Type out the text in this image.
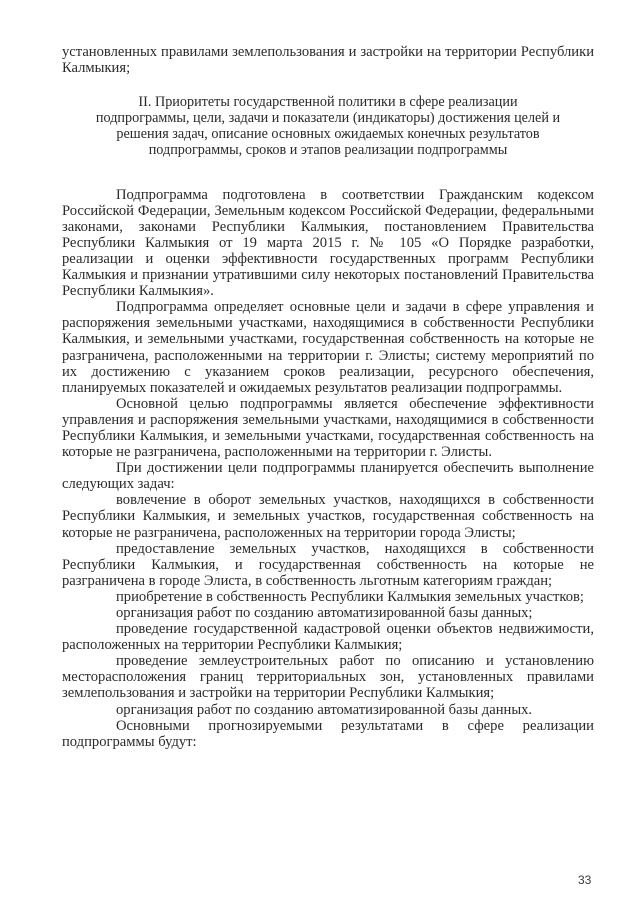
установленных правилами землепользования и застройки на территории Республики Калмыкия;

II. Приоритеты государственной политики в сфере реализации
подпрограммы, цели, задачи и показатели (индикаторы) достижения целей и
решения задач, описание основных ожидаемых конечных результатов
подпрограммы, сроков и этапов реализации подпрограммы

Подпрограмма подготовлена в соответствии Гражданским кодексом Российской Федерации, Земельным кодексом Российской Федерации, федеральными законами, законами Республики Калмыкия, постановлением Правительства Республики Калмыкия от 19 марта 2015 г. № 105 «О Порядке разработки, реализации и оценки эффективности государственных программ Республики Калмыкия и признании утратившими силу некоторых постановлений Правительства Республики Калмыкия».

Подпрограмма определяет основные цели и задачи в сфере управления и распоряжения земельными участками, находящимися в собственности Республики Калмыкия, и земельными участками, государственная собственность на которые не разграничена, расположенными на территории г. Элисты; систему мероприятий по их достижению с указанием сроков реализации, ресурсного обеспечения, планируемых показателей и ожидаемых результатов реализации подпрограммы.

Основной целью подпрограммы является обеспечение эффективности управления и распоряжения земельными участками, находящимися в собственности Республики Калмыкия, и земельными участками, государственная собственность на которые не разграничена, расположенными на территории г. Элисты.

При достижении цели подпрограммы планируется обеспечить выполнение следующих задач:

вовлечение в оборот земельных участков, находящихся в собственности Республики Калмыкия, и земельных участков, государственная собственность на которые не разграничена, расположенных на территории города Элисты;

предоставление земельных участков, находящихся в собственности Республики Калмыкия, и государственная собственность на которые не разграничена в городе Элиста, в собственность льготным категориям граждан;

приобретение в собственность Республики Калмыкия земельных участков;

организация работ по созданию автоматизированной базы данных;

проведение государственной кадастровой оценки объектов недвижимости, расположенных на территории Республики Калмыкия;

проведение землеустроительных работ по описанию и установлению месторасположения границ территориальных зон, установленных правилами землепользования и застройки на территории Республики Калмыкия;

организация работ по созданию автоматизированной базы данных.

Основными прогнозируемыми результатами в сфере реализации подпрограммы будут:

33
